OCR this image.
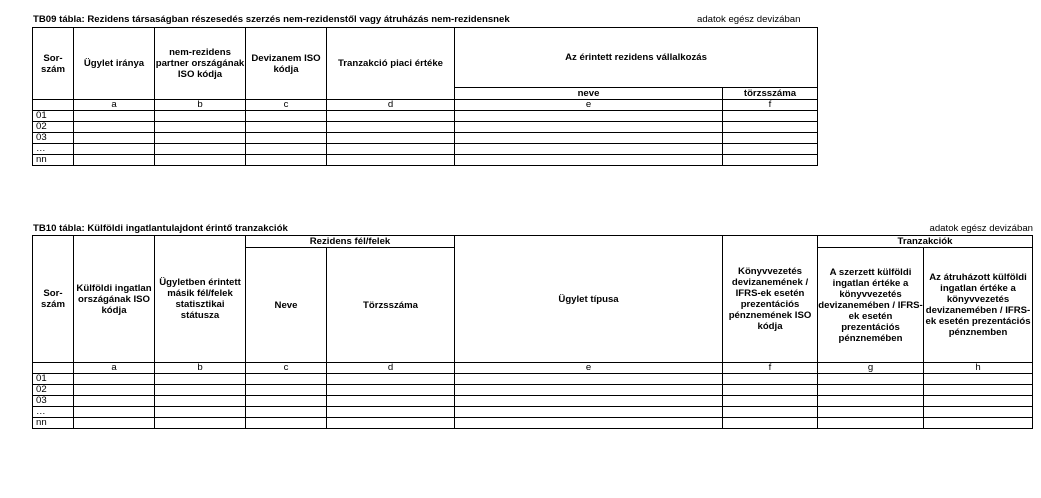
TB09 tábla: Rezidens társaságban részesedés szerzés nem-rezidenstől vagy átruházás nem-rezidensnek	adatok egész devizában
Sor-szám	Ügylet iránya	nem-rezidens partner országának ISO kódja	Devizanem ISO kódja	Tranzakció piaci értéke	Az érintett rezidens vállalkozás	
					neve	törzsszáma
	a	b	c	d	e	f
01						
02						
03						
…						
nn						
TB10 tábla: Külföldi ingatlantulajdont érintő tranzakciók	adatok egész devizában
Sor-szám	Külföldi ingatlan országának ISO kódja	Ügyletben érintett másik fél/felek statisztikai státusza	Rezidens fél/felek		Ügylet típusa	Könyvvezetés devizanemének / IFRS-ek esetén prezentációs pénznemének ISO kódja	Tranzakciók	
			Neve	Törzsszáma			A szerzett külföldi ingatlan értéke a könyvvezetés devizanemében / IFRS-ek esetén prezentációs pénznemében	Az átruházott külföldi ingatlan értéke a könyvvezetés devizanemében / IFRS-ek esetén prezentációs pénznemben
	a	b	c	d	e	f	g	h
01								
02								
03								
…								
nn								
